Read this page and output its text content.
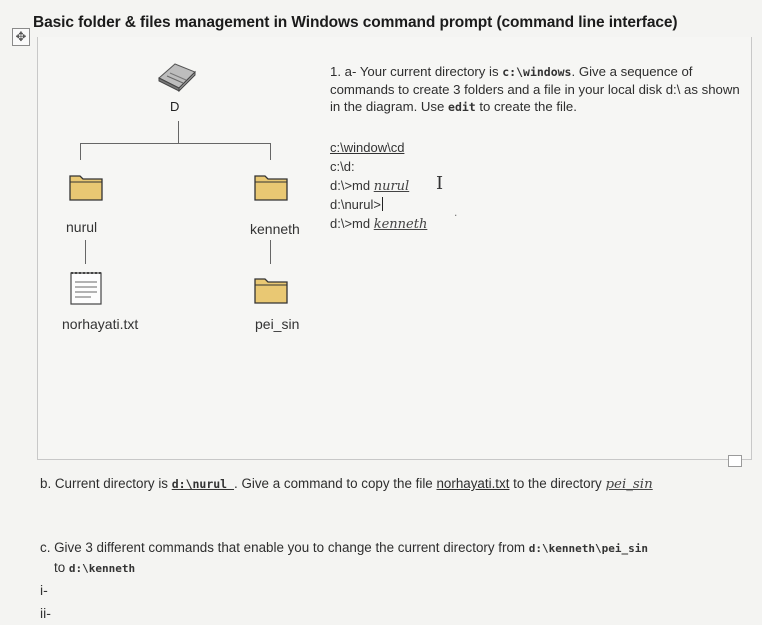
✥
Basic folder & files management in Windows command prompt (command line interface)
D
nurul	kenneth
norhayati.txt	pei_sin
1. a- Your current directory is c:\windows. Give a sequence of commands to create 3 folders and a file in your local disk d:\ as shown in the diagram. Use edit to create the file.
c:\window\cd
c:\d:
d:\>md nurul
d:\nurul>
d:\>md kenneth
I
.
b. Current directory is d:\nurul . Give a command to copy the file norhayati.txt to the directory pei_sin
c. Give 3 different commands that enable you to change the current directory from d:\kenneth\pei_sin
to d:\kenneth
i-
ii-
